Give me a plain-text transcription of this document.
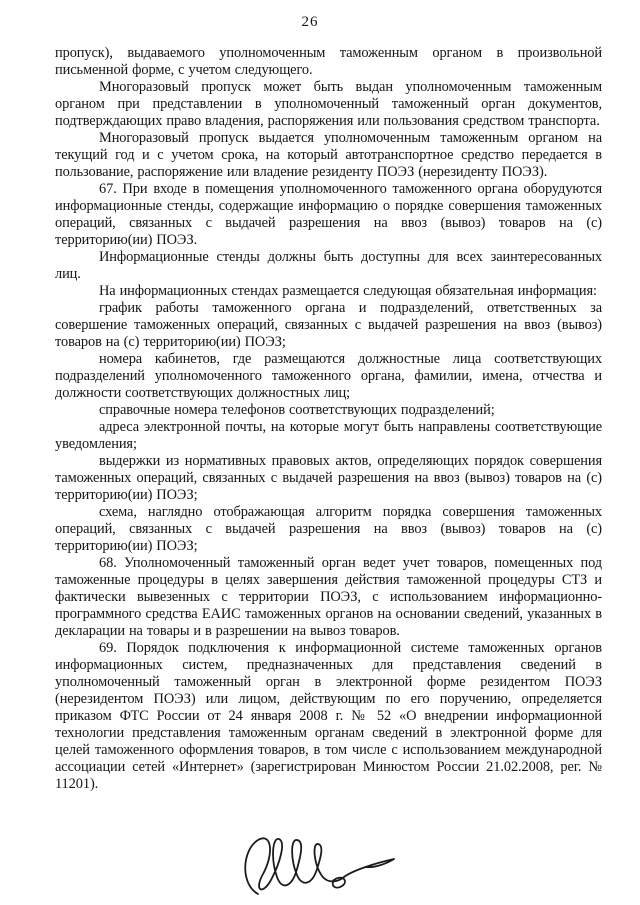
26

пропуск), выдаваемого уполномоченным таможенным органом в произвольной письменной форме, с учетом следующего.

Многоразовый пропуск может быть выдан уполномоченным таможенным органом при представлении в уполномоченный таможенный орган документов, подтверждающих право владения, распоряжения или пользования средством транспорта.

Многоразовый пропуск выдается уполномоченным таможенным органом на текущий год и с учетом срока, на который автотранспортное средство передается в пользование, распоряжение или владение резиденту ПОЭЗ (нерезиденту ПОЭЗ).

67. При входе в помещения уполномоченного таможенного органа оборудуются информационные стенды, содержащие информацию о порядке совершения таможенных операций, связанных с выдачей разрешения на ввоз (вывоз) товаров на (с) территорию(ии) ПОЭЗ.

Информационные стенды должны быть доступны для всех заинтересованных лиц.

На информационных стендах размещается следующая обязательная информация:

график работы таможенного органа и подразделений, ответственных за совершение таможенных операций, связанных с выдачей разрешения на ввоз (вывоз) товаров на (с) территорию(ии) ПОЭЗ;

номера кабинетов, где размещаются должностные лица соответствующих подразделений уполномоченного таможенного органа, фамилии, имена, отчества и должности соответствующих должностных лиц;

справочные номера телефонов соответствующих подразделений;

адреса электронной почты, на которые могут быть направлены соответствующие уведомления;

выдержки из нормативных правовых актов, определяющих порядок совершения таможенных операций, связанных с выдачей разрешения на ввоз (вывоз) товаров на (с) территорию(ии) ПОЭЗ;

схема, наглядно отображающая алгоритм порядка совершения таможенных операций, связанных с выдачей разрешения на ввоз (вывоз) товаров на (с) территорию(ии) ПОЭЗ;

68. Уполномоченный таможенный орган ведет учет товаров, помещенных под таможенные процедуры в целях завершения действия таможенной процедуры СТЗ и фактически вывезенных с территории ПОЭЗ, с использованием информационно-программного средства ЕАИС таможенных органов на основании сведений, указанных в декларации на товары и в разрешении на вывоз товаров.

69. Порядок подключения к информационной системе таможенных органов информационных систем, предназначенных для представления сведений в уполномоченный таможенный орган в электронной форме резидентом ПОЭЗ (нерезидентом ПОЭЗ) или лицом, действующим по его поручению, определяется приказом ФТС России от 24 января 2008 г. № 52 «О внедрении информационной технологии представления таможенным органам сведений в электронной форме для целей таможенного оформления товаров, в том числе с использованием международной ассоциации сетей «Интернет» (зарегистрирован Минюстом России 21.02.2008, рег. № 11201).
